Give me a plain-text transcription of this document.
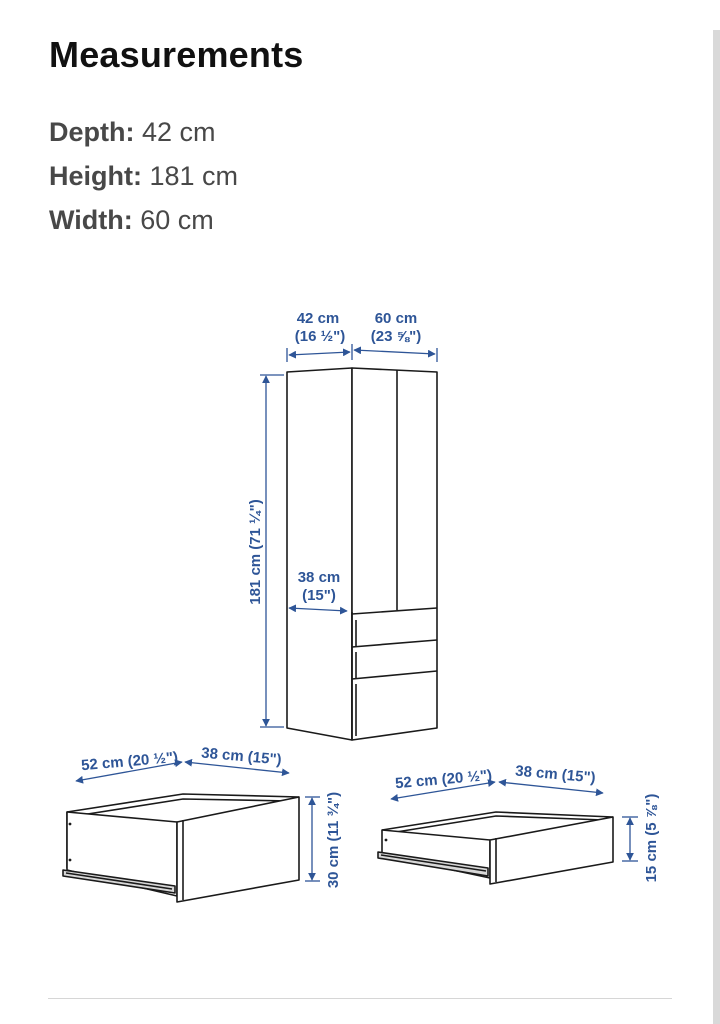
Measurements
Depth: 42 cm
Height: 181 cm
Width: 60 cm
181 cm (71 ¼")
42 cm
(16 ½")
60 cm
(23 ⅝")
38 cm
(15")
52 cm (20 ½") 38 cm (15")
30 cm (11 ¾")
52 cm (20 ½") 38 cm (15")
15 cm (5 ⅞")
